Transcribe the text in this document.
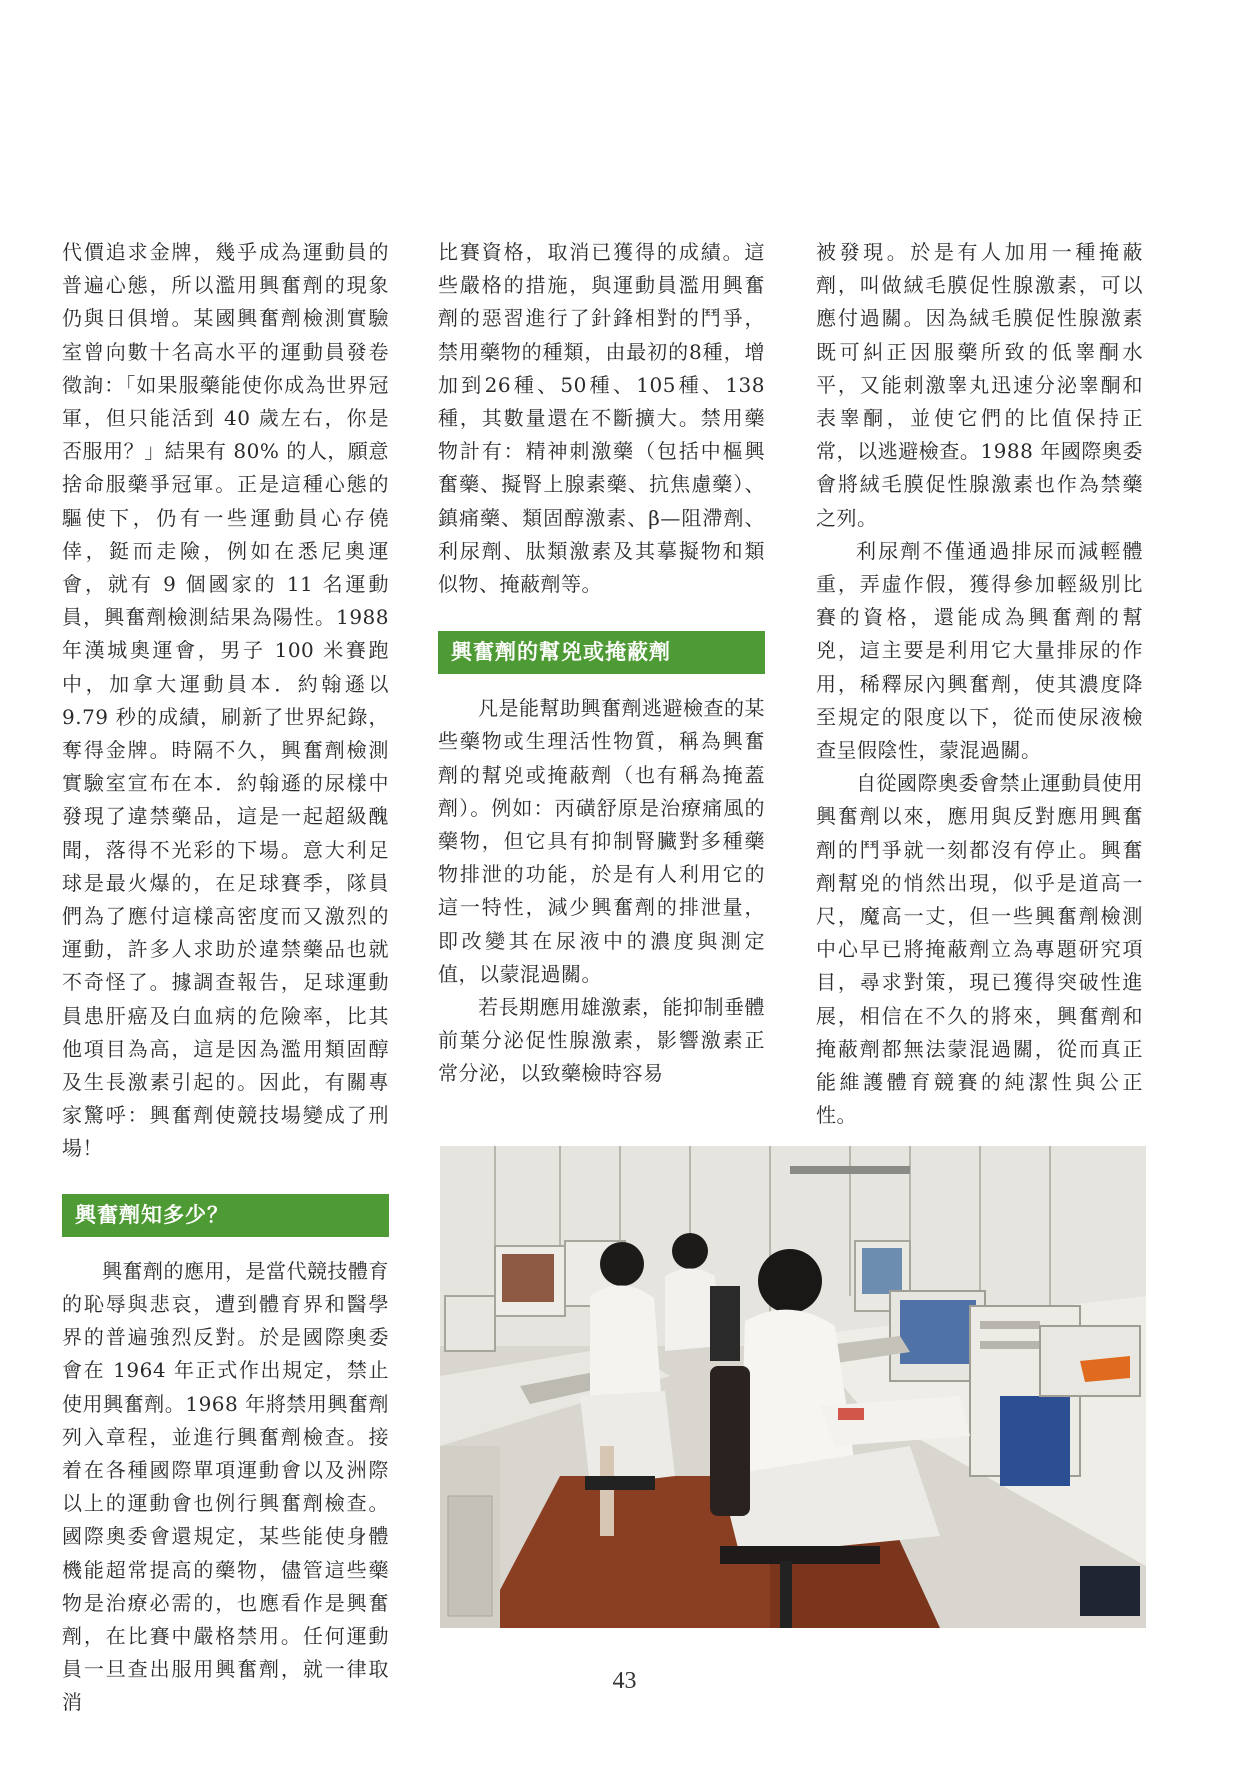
代價追求金牌，幾乎成為運動員的普遍心態，所以濫用興奮劑的現象仍與日俱增。某國興奮劑檢測實驗室曾向數十名高水平的運動員發卷徵詢：「如果服藥能使你成為世界冠軍，但只能活到 40 歲左右，你是否服用？」結果有 80% 的人，願意捨命服藥爭冠軍。正是這種心態的驅使下，仍有一些運動員心存僥倖，鋌而走險，例如在悉尼奧運會，就有 9 個國家的 11 名運動員，興奮劑檢測結果為陽性。1988 年漢城奧運會，男子 100 米賽跑中，加拿大運動員本．約翰遜以 9.79 秒的成績，刷新了世界紀錄，奪得金牌。時隔不久，興奮劑檢測實驗室宣布在本．約翰遜的尿樣中發現了違禁藥品，這是一起超級醜聞，落得不光彩的下場。意大利足球是最火爆的，在足球賽季，隊員們為了應付這樣高密度而又激烈的運動，許多人求助於違禁藥品也就不奇怪了。據調查報告，足球運動員患肝癌及白血病的危險率，比其他項目為高，這是因為濫用類固醇及生長激素引起的。因此，有關專家驚呼：興奮劑使競技場變成了刑場！

興奮劑知多少？

興奮劑的應用，是當代競技體育的恥辱與悲哀，遭到體育界和醫學界的普遍強烈反對。於是國際奧委會在 1964 年正式作出規定，禁止使用興奮劑。1968 年將禁用興奮劑列入章程，並進行興奮劑檢查。接着在各種國際單項運動會以及洲際以上的運動會也例行興奮劑檢查。國際奧委會還規定，某些能使身體機能超常提高的藥物，儘管這些藥物是治療必需的，也應看作是興奮劑，在比賽中嚴格禁用。任何運動員一旦查出服用興奮劑，就一律取消

比賽資格，取消已獲得的成績。這些嚴格的措施，與運動員濫用興奮劑的惡習進行了針鋒相對的鬥爭，禁用藥物的種類，由最初的8種，增加到26種、50種、105種、138 種，其數量還在不斷擴大。禁用藥物計有：精神刺激藥（包括中樞興奮藥、擬腎上腺素藥、抗焦慮藥）、鎮痛藥、類固醇激素、β—阻滯劑、利尿劑、肽類激素及其摹擬物和類似物、掩蔽劑等。

興奮劑的幫兇或掩蔽劑

凡是能幫助興奮劑逃避檢查的某些藥物或生理活性物質，稱為興奮劑的幫兇或掩蔽劑（也有稱為掩蓋劑）。例如：丙磺舒原是治療痛風的藥物，但它具有抑制腎臟對多種藥物排泄的功能，於是有人利用它的這一特性，減少興奮劑的排泄量，即改變其在尿液中的濃度與測定值，以蒙混過關。

若長期應用雄激素，能抑制垂體前葉分泌促性腺激素，影響激素正常分泌，以致藥檢時容易

被發現。於是有人加用一種掩蔽劑，叫做絨毛膜促性腺激素，可以應付過關。因為絨毛膜促性腺激素既可糾正因服藥所致的低睾酮水平，又能刺激睾丸迅速分泌睾酮和表睾酮，並使它們的比值保持正常，以逃避檢查。1988 年國際奧委會將絨毛膜促性腺激素也作為禁藥之列。

利尿劑不僅通過排尿而減輕體重，弄虛作假，獲得參加輕級別比賽的資格，還能成為興奮劑的幫兇，這主要是利用它大量排尿的作用，稀釋尿內興奮劑，使其濃度降至規定的限度以下，從而使尿液檢查呈假陰性，蒙混過關。

自從國際奧委會禁止運動員使用興奮劑以來，應用與反對應用興奮劑的鬥爭就一刻都沒有停止。興奮劑幫兇的悄然出現，似乎是道高一尺，魔高一丈，但一些興奮劑檢測中心早已將掩蔽劑立為專題研究項目，尋求對策，現已獲得突破性進展，相信在不久的將來，興奮劑和掩蔽劑都無法蒙混過關，從而真正能維護體育競賽的純潔性與公正性。

43
